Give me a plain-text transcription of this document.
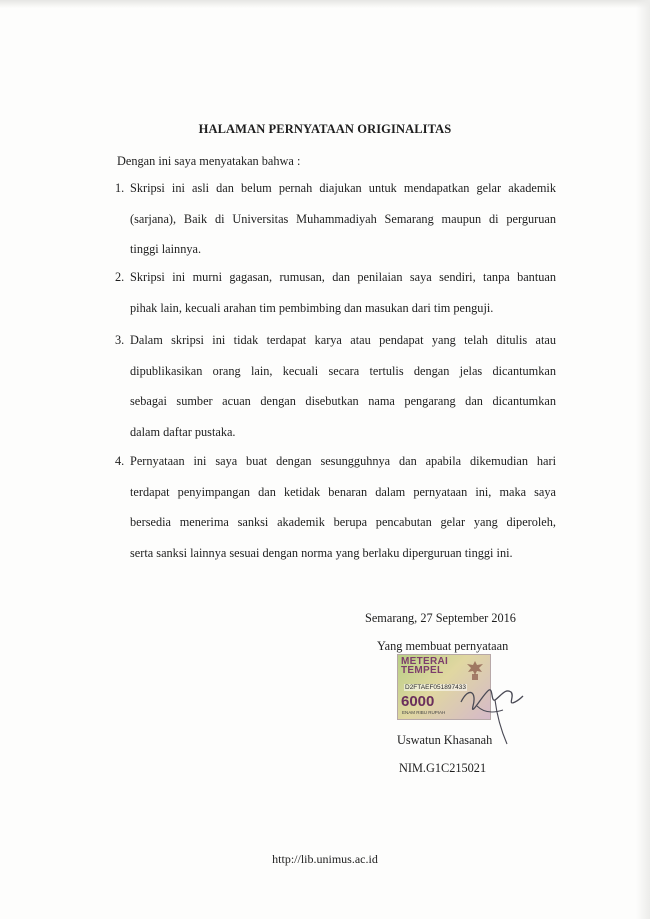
HALAMAN PERNYATAAN ORIGINALITAS
Dengan ini saya menyatakan bahwa :
1. Skripsi ini asli dan belum pernah diajukan untuk mendapatkan gelar akademik
(sarjana), Baik di Universitas Muhammadiyah Semarang maupun di perguruan
tinggi lainnya.
2. Skripsi ini murni gagasan, rumusan, dan penilaian saya sendiri, tanpa bantuan
pihak lain, kecuali arahan tim pembimbing dan masukan dari tim penguji.
3. Dalam skripsi ini tidak terdapat karya atau pendapat yang telah ditulis atau
dipublikasikan orang lain, kecuali secara tertulis dengan jelas dicantumkan
sebagai sumber acuan dengan disebutkan nama pengarang dan dicantumkan
dalam daftar pustaka.
4. Pernyataan ini saya buat dengan sesungguhnya dan apabila dikemudian hari
terdapat penyimpangan dan ketidak benaran dalam pernyataan ini, maka saya
bersedia menerima sanksi akademik berupa pencabutan gelar yang diperoleh,
serta sanksi lainnya sesuai dengan norma yang berlaku diperguruan tinggi ini.
Semarang, 27 September 2016
Yang membuat pernyataan
METERAI
TEMPEL
D2FTAEF051897433
6000
ENAM RIBU RUPIAH
Uswatun Khasanah
NIM.G1C215021
http://lib.unimus.ac.id
